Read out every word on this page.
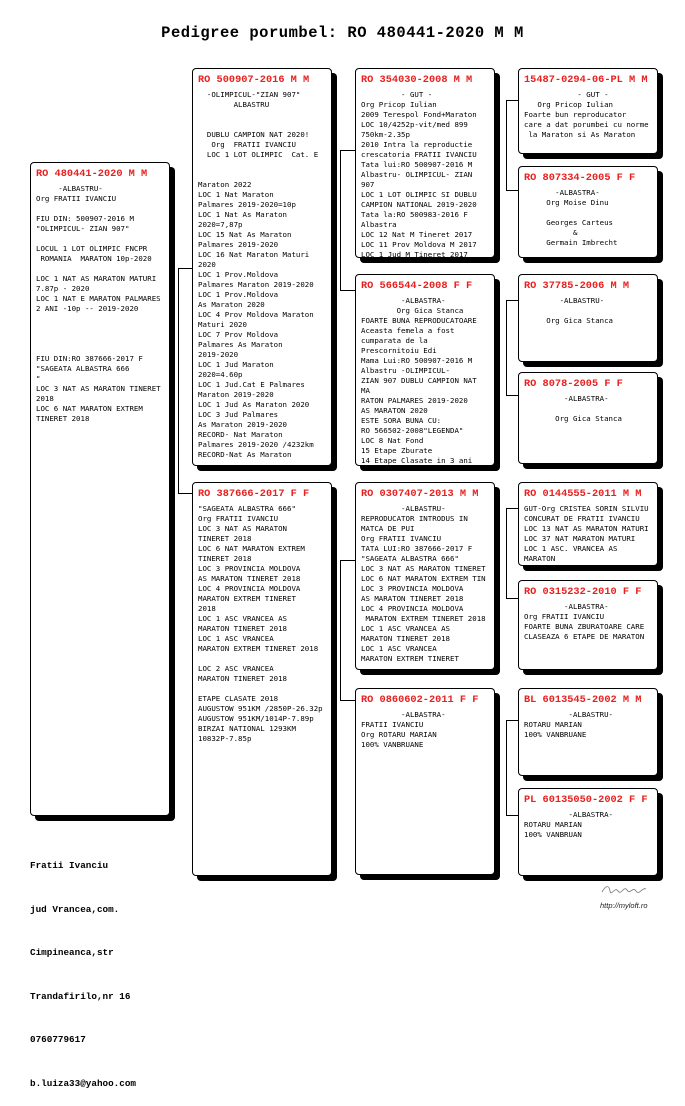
Pedigree porumbel: RO 480441-2020 M M
RO 480441-2020 M M
-ALBASTRU-
Org FRATII IVANCIU

FIU DIN: 500907-2016 M
"OLIMPICUL- ZIAN 907"

LOCUL 1 LOT OLIMPIC FNCPR
ROMANIA  MARATON 10p-2020

LOC 1 NAT AS MARATON MATURI
7.87p - 2020
LOC 1 NAT E MARATON PALMARES
2 ANI -10p -- 2019-2020

FIU DIN:RO 387666-2017 F
"SAGEATA ALBASTRA 666
"
LOC 3 NAT AS MARATON TINERET
2018
LOC 6 NAT MARATON EXTREM
TINERET 2018
RO 500907-2016 M M
-OLIMPICUL-"ZIAN 907"
ALBASTRU

DUBLU CAMPION NAT 2020!
Org  FRATII IVANCIU
LOC 1 LOT OLIMPIC  Cat. E

Maraton 2022
LOC 1 Nat Maraton
Palmares 2019-2020=10p
LOC 1 Nat As Maraton
2020=7,87p
LOC 15 Nat As Maraton
Palmares 2019-2020
LOC 16 Nat Maraton Maturi
2020
LOC 1 Prov.Moldova
Palmares Maraton 2019-2020
LOC 1 Prov.Moldova
As Maraton 2020
LOC 4 Prov Moldova Maraton
Maturi 2020
LOC 7 Prov Moldova
Palmares As Maraton
2019-2020
LOC 1 Jud Maraton
2020=4.60p
LOC 1 Jud.Cat E Palmares
Maraton 2019-2020
LOC 1 Jud As Maraton 2020
LOC 3 Jud Palmares
As Maraton 2019-2020
RECORD- Nat Maraton
Palmares 2019-2020 /4232km
RECORD-Nat As Maraton
RO 387666-2017 F F
"SAGEATA ALBASTRA 666"
Org FRATII IVANCIU
LOC 3 NAT AS MARATON
TINERET 2018
LOC 6 NAT MARATON EXTREM
TINERET 2018
LOC 3 PROVINCIA MOLDOVA
AS MARATON TINERET 2018
LOC 4 PROVINCIA MOLDOVA
MARATON EXTREM TINERET
2018
LOC 1 ASC VRANCEA AS
MARATON TINERET 2018
LOC 1 ASC VRANCEA
MARATON EXTREM TINERET 2018

LOC 2 ASC VRANCEA
MARATON TINERET 2018

ETAPE CLASATE 2018
AUGUSTOW 951KM /2850P-26.32p
AUGUSTOW 951KM/1014P-7.89p
BIRZAI NATIONAL 1293KM
10832P-7.85p
RO 354030-2008 M M
- GUT -
Org Pricop Iulian
2009 Terespol Fond+Maraton
LOC 10/4252p-vit/med 899
750km-2.35p
2010 Intra la reproductie
crescatoria FRATII IVANCIU
Tata lui:RO 500907-2016 M
Albastru- OLIMPICUL- ZIAN 907
LOC 1 LOT OLIMPIC SI DUBLU
CAMPION NATIONAL 2019-2020
Tata la:RO 500983-2016 F
Albastra
LOC 12 Nat M Tineret 2017
LOC 11 Prov Moldova M 2017
LOC 1 Jud M Tineret 2017
RO 566544-2008 F F
-ALBASTRA-
Org Gica Stanca
FOARTE BUNA REPRODUCATOARE
Aceasta femela a fost
cumparata de la
Prescornitoiu Edi
Mama Lui:RO 500907-2016 M
Albastru -OLIMPICUL-
ZIAN 907 DUBLU CAMPION NAT MA
RATON PALMARES 2019-2020
AS MARATON 2020
ESTE SORA BUNA CU:
RO 566502-2008"LEGENDA"
LOC 8 Nat Fond
15 Etape Zburate
14 Etape Clasate in 3 ani
RO 0307407-2013 M M
-ALBASTRU-
REPRODUCATOR INTRODUS IN
MATCA DE PUI
Org FRATII IVANCIU
TATA LUI:RO 387666-2017 F
"SAGEATA ALBASTRA 666"
LOC 3 NAT AS MARATON TINERET
LOC 6 NAT MARATON EXTREM TIN
LOC 3 PROVINCIA MOLDOVA
AS MARATON TINERET 2018
LOC 4 PROVINCIA MOLDOVA
MARATON EXTREM TINERET 2018
LOC 1 ASC VRANCEA AS
MARATON TINERET 2018
LOC 1 ASC VRANCEA
MARATON EXTREM TINERET
RO 0860602-2011 F F
-ALBASTRA-
FRATII IVANCIU
Org ROTARU MARIAN
100% VANBRUANE
15487-0294-06-PL M M
- GUT -
Org Pricop Iulian
Foarte bun reproducator
care a dat porumbei cu norme
la Maraton si As Maraton
RO 807334-2005 F F
-ALBASTRA-
Org Moise Dinu

Georges Carteus
&
Germain Imbrecht
RO 37785-2006 M M
-ALBASTRU-

Org Gica Stanca
RO 8078-2005 F F
-ALBASTRA-

Org Gica Stanca
RO 0144555-2011 M M
GUT-Org CRISTEA SORIN SILVIU
CONCURAT DE FRATII IVANCIU
LOC 13 NAT AS MARATON MATURI
LOC 37 NAT MARATON MATURI
LOC 1 ASC. VRANCEA AS MARATON
RO 0315232-2010 F F
-ALBASTRA-
Org FRATII IVANCIU
FOARTE BUNA ZBURATOARE CARE
CLASEAZA 6 ETAPE DE MARATON
BL 6013545-2002 M M
-ALBASTRU-
ROTARU MARIAN
100% VANBRUANE
PL 60135050-2002 F F
-ALBASTRA-
ROTARU MARIAN
100% VANBRUAN

Fratii Ivanciu

jud Vrancea,com.

Cimpineanca,str

Trandafirilo,nr 16

0760779617

b.luiza33@yahoo.com

http://myloft.ro
